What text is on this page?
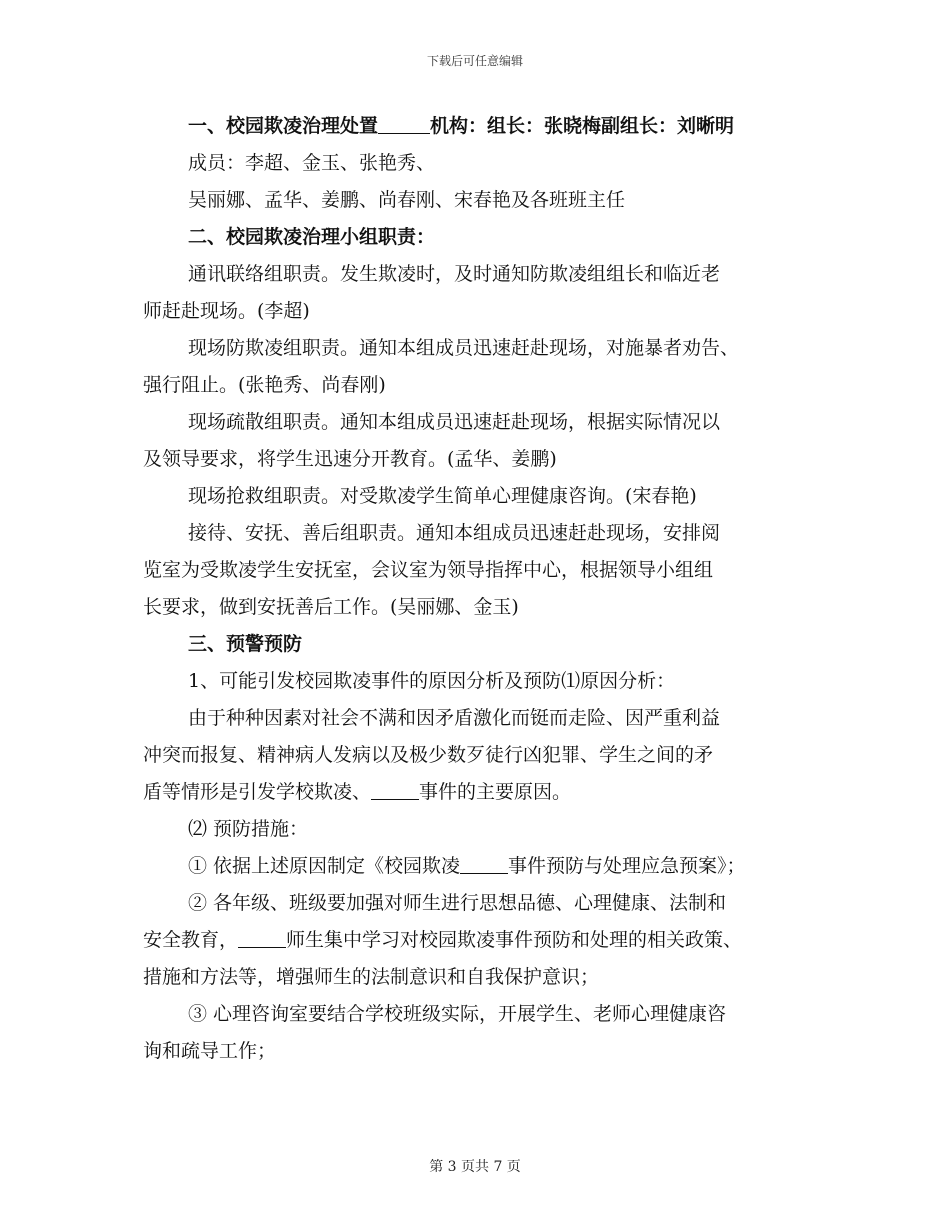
下载后可任意编辑
一、校园欺凌治理处置	机构：组长：张晓梅副组长：刘晰明
成员：李超、金玉、张艳秀、
吴丽娜、孟华、姜鹏、尚春刚、宋春艳及各班班主任
二、校园欺凌治理小组职责：
通讯联络组职责。发生欺凌时，及时通知防欺凌组组长和临近老
师赶赴现场。(李超)
现场防欺凌组职责。通知本组成员迅速赶赴现场，对施暴者劝告、
强行阻止。(张艳秀、尚春刚)
现场疏散组职责。通知本组成员迅速赶赴现场，根据实际情况以
及领导要求，将学生迅速分开教育。(孟华、姜鹏)
现场抢救组职责。对受欺凌学生简单心理健康咨询。(宋春艳)
接待、安抚、善后组职责。通知本组成员迅速赶赴现场，安排阅
览室为受欺凌学生安抚室，会议室为领导指挥中心，根据领导小组组
长要求，做到安抚善后工作。(吴丽娜、金玉)
三、预警预防
1、可能引发校园欺凌事件的原因分析及预防⑴原因分析：
由于种种因素对社会不满和因矛盾激化而铤而走险、因严重利益
冲突而报复、精神病人发病以及极少数歹徒行凶犯罪、学生之间的矛
盾等情形是引发学校欺凌、	事件的主要原因。
⑵ 预防措施：
① 依据上述原因制定《校园欺凌	事件预防与处理应急预案》；
② 各年级、班级要加强对师生进行思想品德、心理健康、法制和
安全教育，	师生集中学习对校园欺凌事件预防和处理的相关政策、
措施和方法等，增强师生的法制意识和自我保护意识；
③ 心理咨询室要结合学校班级实际，开展学生、老师心理健康咨
询和疏导工作；
第 3 页共 7 页
